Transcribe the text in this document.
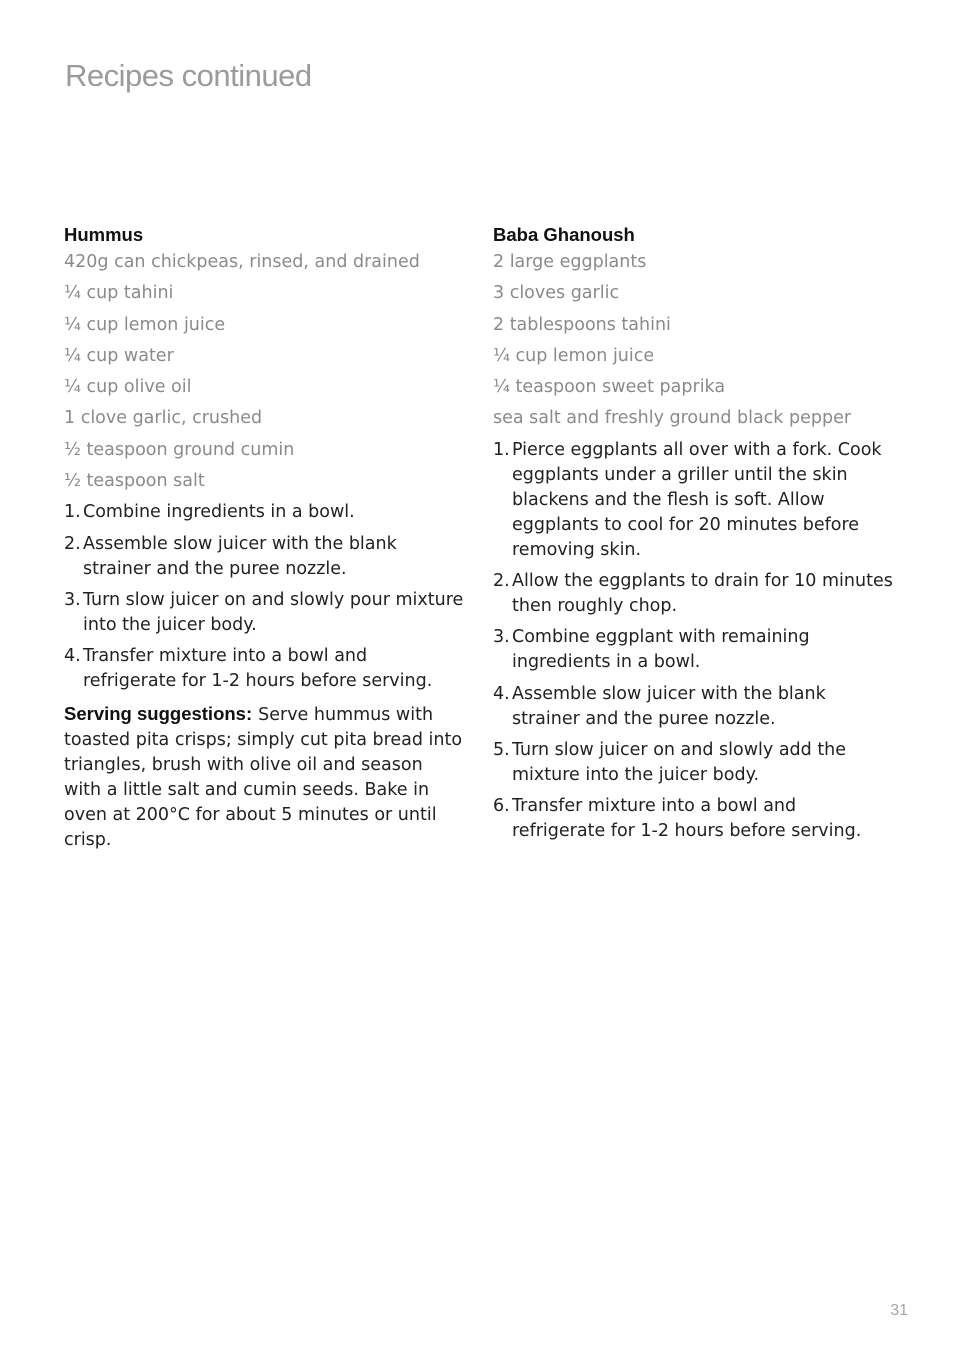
Recipes continued
Hummus
420g can chickpeas, rinsed, and drained
¼ cup tahini
¼ cup lemon juice
¼ cup water
¼ cup olive oil
1 clove garlic, crushed
½ teaspoon ground cumin
½ teaspoon salt
1. Combine ingredients in a bowl.
2. Assemble slow juicer with the blank strainer and the puree nozzle.
3. Turn slow juicer on and slowly pour mixture into the juicer body.
4. Transfer mixture into a bowl and refrigerate for 1-2 hours before serving.

Serving suggestions: Serve hummus with toasted pita crisps; simply cut pita bread into triangles, brush with olive oil and season with a little salt and cumin seeds. Bake in oven at 200°C for about 5 minutes or until crisp.

Baba Ghanoush
2 large eggplants
3 cloves garlic
2 tablespoons tahini
¼ cup lemon juice
¼ teaspoon sweet paprika
sea salt and freshly ground black pepper
1. Pierce eggplants all over with a fork. Cook eggplants under a griller until the skin blackens and the flesh is soft. Allow eggplants to cool for 20 minutes before removing skin.
2. Allow the eggplants to drain for 10 minutes then roughly chop.
3. Combine eggplant with remaining ingredients in a bowl.
4. Assemble slow juicer with the blank strainer and the puree nozzle.
5. Turn slow juicer on and slowly add the mixture into the juicer body.
6. Transfer mixture into a bowl and refrigerate for 1-2 hours before serving.
31
